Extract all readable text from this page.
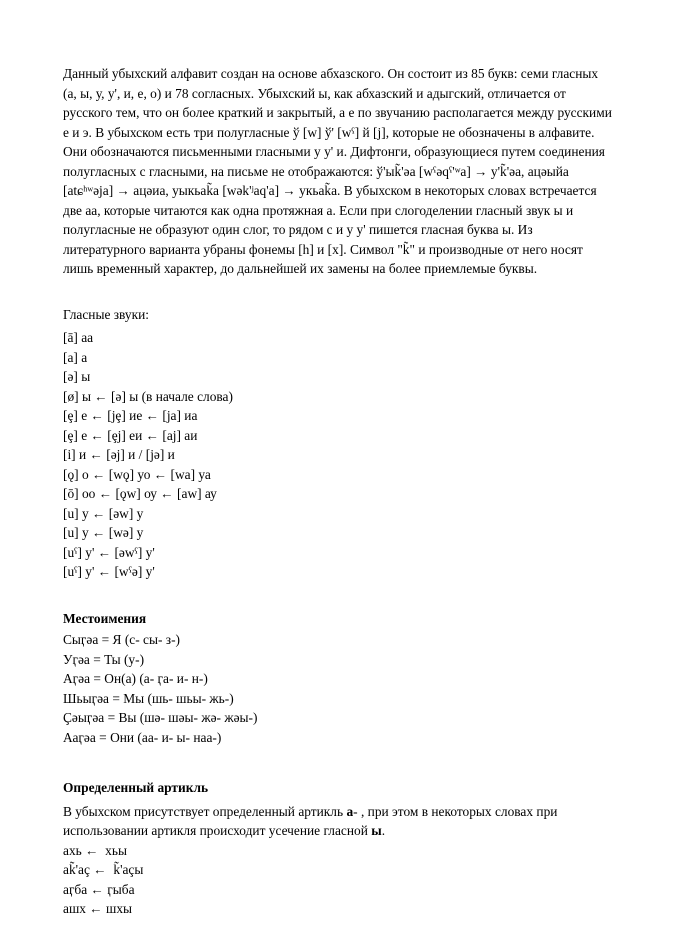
Данный убыхский алфавит создан на основе абхазского. Он состоит из 85 букв: семи гласных (а, ы, у, у', и, е, о) и 78 согласных. Убыхский ы, как абхазский и адыгский, отличается от русского тем, что он более краткий и закрытый, а е по звучанию располагается между русскими е и э. В убыхском есть три полугласные ў [w] ў' [wˤ] й [j], которые не обозначены в алфавите. Они обозначаются письменными гласными у у' и. Дифтонги, образующиеся путем соединения полугласных с гласными, на письме не отображаются: ў'ыk̃'әа [wˤəqˤ'ʷa] → у'k̃'әа, ацәыйа [atɕʰʷəja] → ацәиа, уыкьаk̃а [wək'ʲaq'a] → укьаk̃а. В убыхском в некоторых словах встречается две аа, которые читаются как одна протяжная а. Если при слогоделении гласный звук ы и полугласные не образуют один слог, то рядом с и у у' пишется гласная буква ы. Из литературного варианта убраны фонемы [h] и [x]. Символ "k̃" и производные от него носят лишь временный характер, до дальнейшей их замены на более приемлемые буквы.

Гласные звуки:

[ā] аа
[а] а
[ə] ы
[ø] ы ← [ə] ы (в начале слова)
[ȩ] е ← [jȩ] ие ← [ja] иа
[ȩ] е ← [ȩj] еи ← [aj] аи
[i] и ← [əj] и / [jə] и
[ǫ] о ← [wǫ] уо ← [wa] уа
[ō] оо ← [ǫw] оу ← [aw] ау
[u] у ← [əw] у
[u] у ← [wə] у
[uˤ] у' ← [əwˤ] у'
[uˤ] у' ← [wˤə] у'

Местоимения

Сыӷәа = Я (с- сы- з-)
Уӷәа = Ты (у-)
Аӷәа = Он(а) (а- ӷа- и- н-)
Шьыӷәа = Мы (шь- шьы- жь-)
Ҫәыӷәа = Вы (шә- шәы- жә- жәы-)
Ааӷәа = Они (аа- и- ы- наа-)

Определенный артикль

В убыхском присутствует определенный артикль а- , при этом в некоторых словах при использовании артикля происходит усечение гласной ы.

ахь ←  хьы
аk̃'аç ←  k̃'аçы
аӷба ← ӷыба
ашх ← шхы
